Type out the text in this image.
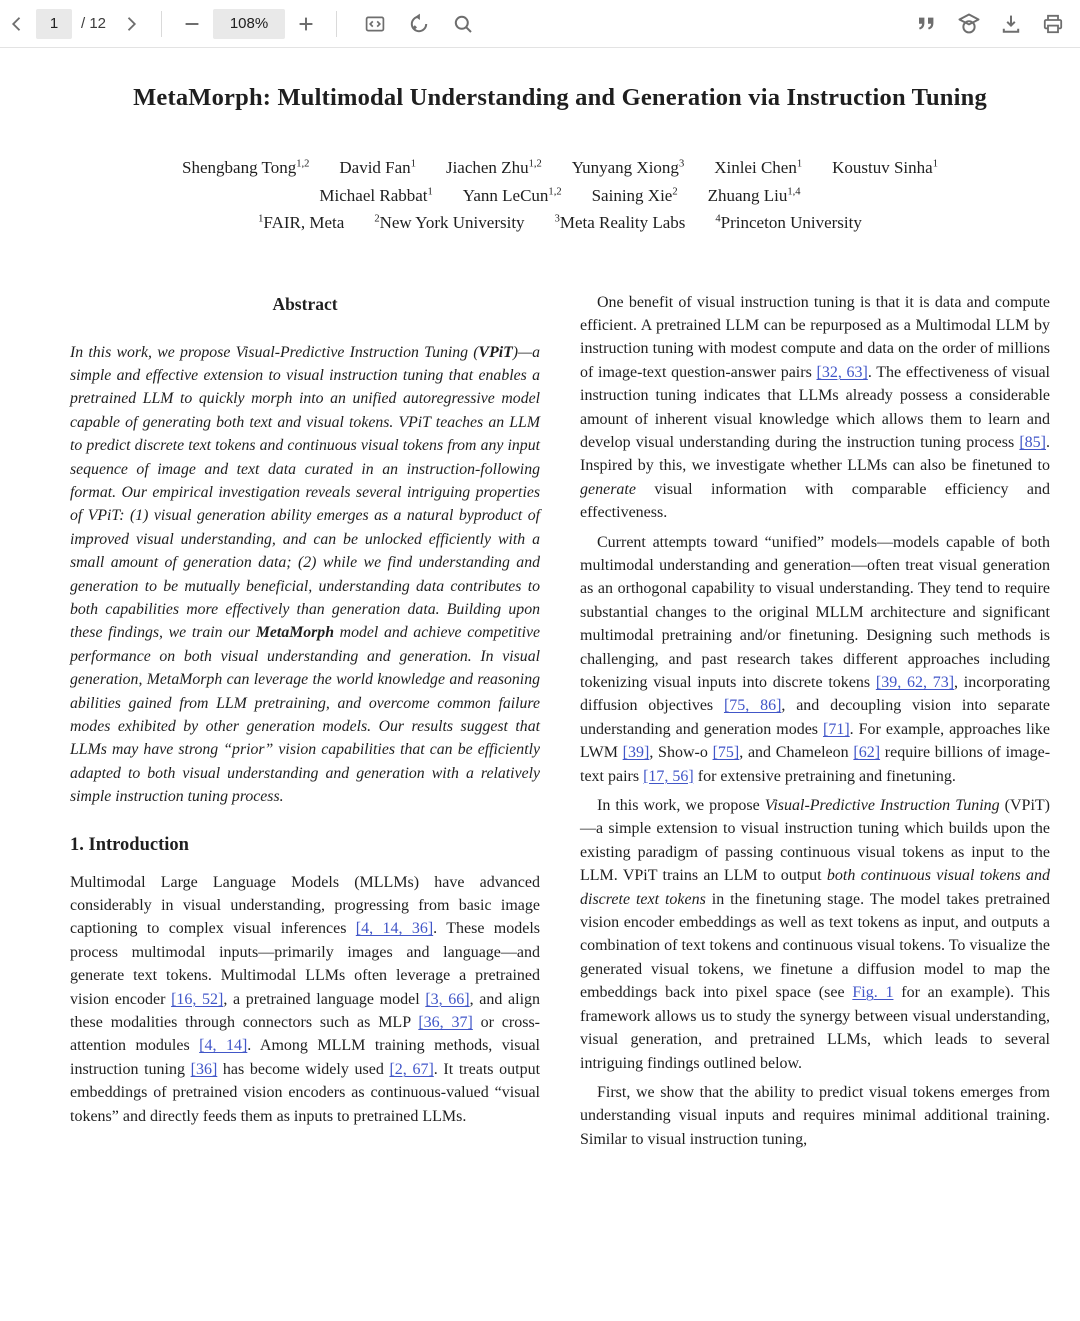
1	/ 12	108%
MetaMorph: Multimodal Understanding and Generation via Instruction Tuning
Shengbang Tong$^{1,2}$ David Fan$^1$ Jiachen Zhu$^{1,2}$ Yunyang Xiong$^3$ Xinlei Chen$^1$ Koustuv Sinha$^1$
Michael Rabbat$^1$ Yann LeCun$^{1,2}$ Saining Xie$^2$ Zhuang Liu$^{1,4}$
$^1$FAIR, Meta	$^2$New York University	$^3$Meta Reality Labs	$^4$Princeton University
Abstract

In this work, we propose Visual-Predictive Instruction Tuning (VPiT)—a simple and effective extension to visual instruction tuning that enables a pretrained LLM to quickly morph into an unified autoregressive model capable of generating both text and visual tokens. VPiT teaches an LLM to predict discrete text tokens and continuous visual tokens from any input sequence of image and text data curated in an instruction-following format. Our empirical investigation reveals several intriguing properties of VPiT: (1) visual generation ability emerges as a natural byproduct of improved visual understanding, and can be unlocked efficiently with a small amount of generation data; (2) while we find understanding and generation to be mutually beneficial, understanding data contributes to both capabilities more effectively than generation data. Building upon these findings, we train our MetaMorph model and achieve competitive performance on both visual understanding and generation. In visual generation, MetaMorph can leverage the world knowledge and reasoning abilities gained from LLM pretraining, and overcome common failure modes exhibited by other generation models. Our results suggest that LLMs may have strong “prior” vision capabilities that can be efficiently adapted to both visual understanding and generation with a relatively simple instruction tuning process.

1. Introduction

Multimodal Large Language Models (MLLMs) have advanced considerably in visual understanding, progressing from basic image captioning to complex visual inferences [4, 14, 36]. These models process multimodal inputs—primarily images and language—and generate text tokens. Multimodal LLMs often leverage a pretrained vision encoder [16, 52], a pretrained language model [3, 66], and align these modalities through connectors such as MLP [36, 37] or cross-attention modules [4, 14]. Among MLLM training methods, visual instruction tuning [36] has become widely used [2, 67]. It treats output embeddings of pretrained vision encoders as continuous-valued “visual tokens” and directly feeds them as inputs to pretrained LLMs.

One benefit of visual instruction tuning is that it is data and compute efficient. A pretrained LLM can be repurposed as a Multimodal LLM by instruction tuning with modest compute and data on the order of millions of image-text question-answer pairs [32, 63]. The effectiveness of visual instruction tuning indicates that LLMs already possess a considerable amount of inherent visual knowledge which allows them to learn and develop visual understanding during the instruction tuning process [85]. Inspired by this, we investigate whether LLMs can also be finetuned to generate visual information with comparable efficiency and effectiveness.

Current attempts toward “unified” models—models capable of both multimodal understanding and generation—often treat visual generation as an orthogonal capability to visual understanding. They tend to require substantial changes to the original MLLM architecture and significant multimodal pretraining and/or finetuning. Designing such methods is challenging, and past research takes different approaches including tokenizing visual inputs into discrete tokens [39, 62, 73], incorporating diffusion objectives [75, 86], and decoupling vision into separate understanding and generation modes [71]. For example, approaches like LWM [39], Show-o [75], and Chameleon [62] require billions of image-text pairs [17, 56] for extensive pretraining and finetuning.

In this work, we propose Visual-Predictive Instruction Tuning (VPiT)—a simple extension to visual instruction tuning which builds upon the existing paradigm of passing continuous visual tokens as input to the LLM. VPiT trains an LLM to output both continuous visual tokens and discrete text tokens in the finetuning stage. The model takes pretrained vision encoder embeddings as well as text tokens as input, and outputs a combination of text tokens and continuous visual tokens. To visualize the generated visual tokens, we finetune a diffusion model to map the embeddings back into pixel space (see Fig. 1 for an example). This framework allows us to study the synergy between visual understanding, visual generation, and pretrained LLMs, which leads to several intriguing findings outlined below.

First, we show that the ability to predict visual tokens emerges from understanding visual inputs and requires minimal additional training. Similar to visual instruction tuning,
